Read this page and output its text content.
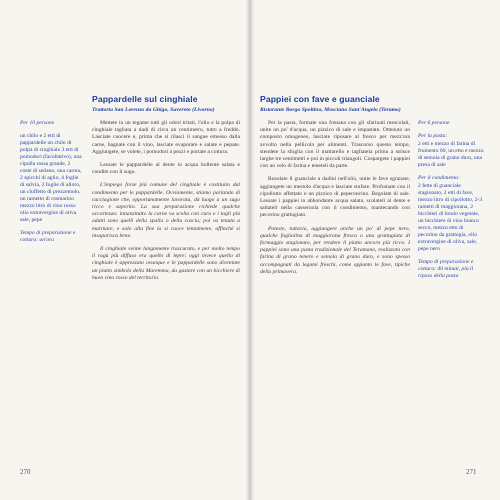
Per 10 persone

un chilo e 2 etti di pappardelle un chilo di polpa di cinghiale 3 etti di pomodori (facoltativo), una cipolla rossa grande, 2 coste di sedano, una carota, 2 spicchi di aglio, 4 foglie di salvia, 2 foglie di alloro, un ciuffetto di prezzemolo, un rametto di rosmarino mezzo litro di vino rosso olio extravergine di oliva sale, pepe

Tempo di preparazione e cottura: un'ora

Pappardelle sul cinghiale
Trattoria San Lorenzo da Ghigo, Suvereto (Livorno)

Mettete in un tegame tutti gli odori tritati, l'olio e la polpa di cinghiale tagliata a dadi di circa un centimetro, tutto a freddo. Lasciate cuocere e, prima che si rilasci il sangue emesso dalla carne, bagnate con il vino, lasciate evaporare e salate e pepate. Aggiungete, se volete, i pomodori a pezzi e portate a cottura.

Lessate le pappardelle al dente in acqua bollente salata e condite con il sugo.

L'impiego forse più comune del cinghiale è costituito dal condimento per le pappardelle. Ovviamente, stiamo parlando di cacciagione che, opportunamente lavorata, dà luogo a un sugo ricco e saporito. La sua preparazione richiede qualche accortezza: innanzitutto la carne va scelta con cura e i tagli più adatti sono quelli della spalla o della coscia; poi va tenuta a marinare, e solo alla fine la si cuoce lentamente, affinché si insaporisca bene.

Il cinghiale venne lungamente trascurato, e per molto tempo il ragù più diffuso era quello di lepre; oggi invece quello di cinghiale è apprezzato ovunque e le pappardelle sono diventate un piatto simbolo della Maremma, da gustare con un bicchiere di buon vino rosso del territorio.

270
Pappiei con fave e guanciale
Ristorante Borgo Spoltino, Mosciano Sant'Angelo (Teramo)

Per la pasta, formate una fontana con gli sfarinati mescolati, unite un po' d'acqua, un pizzico di sale e impastate. Ottenuto un composto omogeneo, lasciate riposare al fresco per mezz'ora avvolto nella pellicola per alimenti. Trascorso questo tempo, stendete la sfoglia con il mattarello e tagliatela prima a strisce larghe tre centimetri e poi in piccoli triangoli. Cospargete i pappiei con un velo di farina e teneteli da parte.

Rosolate il guanciale a dadini nell'olio, unite le fave sgranate, aggiungete un mestolo d'acqua e lasciate stufare. Profumate con il cipollotto affettato e un pizzico di peperoncino. Regolate di sale. Lessate i pappiei in abbondante acqua salata, scolateli al dente e saltateli nella casseruola con il condimento, mantecando con pecorino grattugiato.

Poteste, tuttavia, aggiungere anche un po' di pepe nero, qualche fogliolina di maggiorana fresca o una grattugiata di formaggio stagionato, per rendere il piatto ancora più ricco. I pappiei sono una pasta tradizionale del Teramano, realizzata con farina di grano tenero e semola di grano duro, e sono spesso accompagnati da legumi freschi, come appunto le fave, tipiche della primavera.

Per 6 persone

Per la pasta:

2 etti e mezzo di farina di frumento 00, un etto e mezzo di semola di grano duro, una presa di sale

Per il condimento:

2 fette di guanciale stagionato, 2 etti di fave, mezzo litro di cipollotto, 2-3 rametti di maggiorana, 2 bicchieri di brodo vegetale, un bicchiere di vino bianco secco, mezzo etto di pecorino da grattugia, olio extravergine di oliva, sale, pepe nero

Tempo di preparazione e cottura: 40 minuti, più il riposo della pasta

271
